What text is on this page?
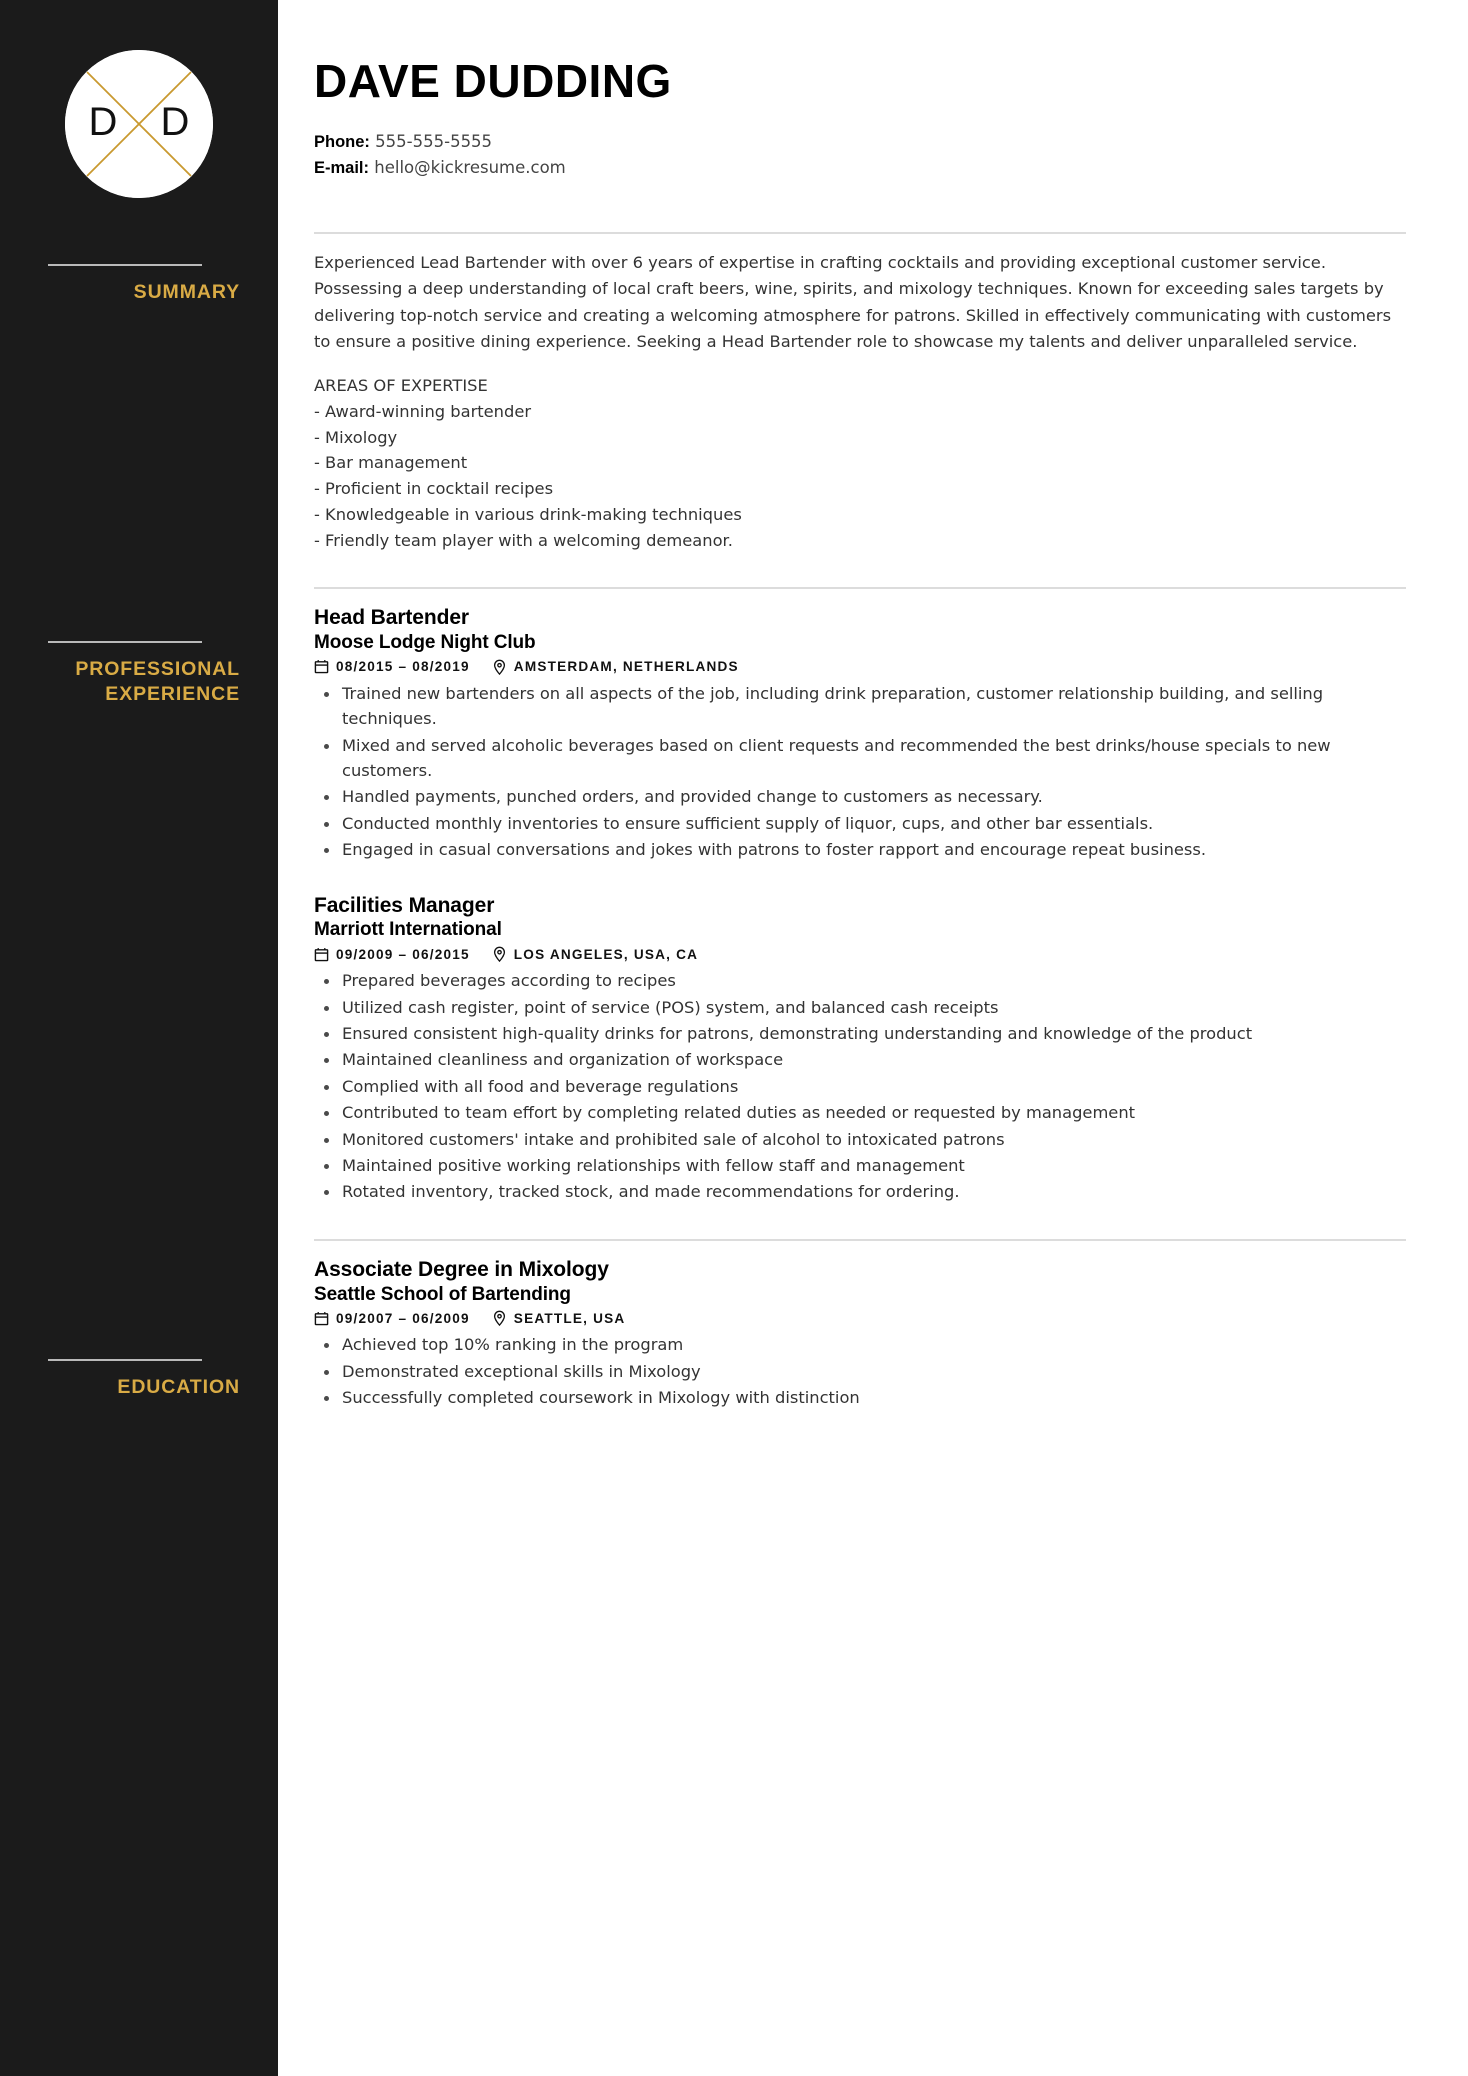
D D
SUMMARY
PROFESSIONAL
EXPERIENCE
EDUCATION
DAVE DUDDING
Phone: 555-555-5555
E-mail: hello@kickresume.com

Experienced Lead Bartender with over 6 years of expertise in crafting cocktails and providing exceptional customer service. Possessing a deep understanding of local craft beers, wine, spirits, and mixology techniques. Known for exceeding sales targets by delivering top-notch service and creating a welcoming atmosphere for patrons. Skilled in effectively communicating with customers to ensure a positive dining experience. Seeking a Head Bartender role to showcase my talents and deliver unparalleled service.

AREAS OF EXPERTISE
- Award-winning bartender
- Mixology
- Bar management
- Proficient in cocktail recipes
- Knowledgeable in various drink-making techniques
- Friendly team player with a welcoming demeanor.
Head Bartender
Moose Lodge Night Club
08/2015 – 08/2019	AMSTERDAM, NETHERLANDS
Trained new bartenders on all aspects of the job, including drink preparation, customer relationship building, and selling techniques.
Mixed and served alcoholic beverages based on client requests and recommended the best drinks/house specials to new customers.
Handled payments, punched orders, and provided change to customers as necessary.
Conducted monthly inventories to ensure sufficient supply of liquor, cups, and other bar essentials.
Engaged in casual conversations and jokes with patrons to foster rapport and encourage repeat business.
Facilities Manager
Marriott International
09/2009 – 06/2015	LOS ANGELES, USA, CA
Prepared beverages according to recipes
Utilized cash register, point of service (POS) system, and balanced cash receipts
Ensured consistent high-quality drinks for patrons, demonstrating understanding and knowledge of the product
Maintained cleanliness and organization of workspace
Complied with all food and beverage regulations
Contributed to team effort by completing related duties as needed or requested by management
Monitored customers' intake and prohibited sale of alcohol to intoxicated patrons
Maintained positive working relationships with fellow staff and management
Rotated inventory, tracked stock, and made recommendations for ordering.
Associate Degree in Mixology
Seattle School of Bartending
09/2007 – 06/2009	SEATTLE, USA
Achieved top 10% ranking in the program
Demonstrated exceptional skills in Mixology
Successfully completed coursework in Mixology with distinction
